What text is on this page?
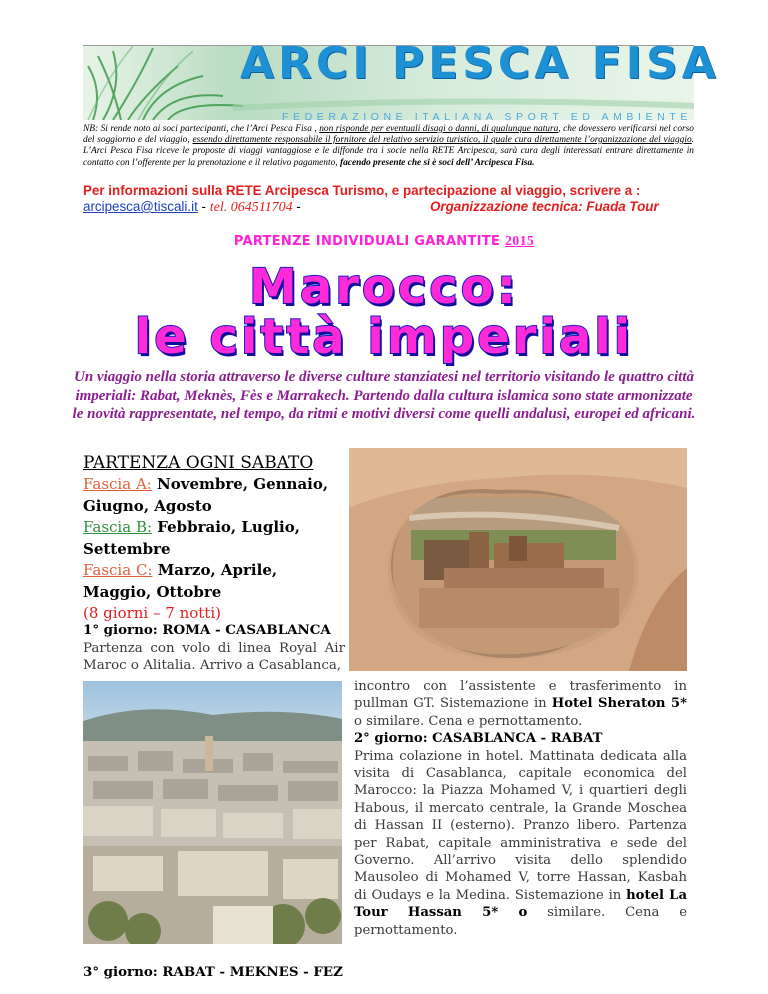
ARCI PESCA FISA
FEDERAZIONE ITALIANA SPORT ED AMBIENTE
NB: Si rende noto ai soci partecipanti, che l’Arci Pesca Fisa , non risponde per eventuali disagi o danni, di qualunque natura, che dovessero verificarsi nel corso del soggiorno e del viaggio, essendo direttamente responsabile il fornitore del relativo servizio turistico, il quale cura direttamente l’organizzazione del viaggio. L’Arci Pesca Fisa riceve le proposte di viaggi vantaggiose e le diffonde tra i socie nella RETE Arcipesca, sarà cura degli interessati entrare direttamente in contatto con l’offerente per la prenotazione e il relativo pagamento, facendo presente che si è soci dell’ Arcipesca Fisa.
Per informazioni sulla RETE Arcipesca Turismo, e partecipazione al viaggio, scrivere a :
arcipesca@tiscali.it - tel. 064511704 -	Organizzazione tecnica: Fuada Tour
PARTENZE INDIVIDUALI GARANTITE 2015
Marocco:
le città imperiali
Un viaggio nella storia attraverso le diverse culture stanziatesi nel territorio visitando le quattro città imperiali: Rabat, Meknès, Fès e Marrakech. Partendo dalla cultura islamica sono state armonizzate le novità rappresentate, nel tempo, da ritmi e motivi diversi come quelli andalusi, europei ed africani.

PARTENZA OGNI SABATO

Fascia A: Novembre, Gennaio, Giugno, Agosto
Fascia B: Febbraio, Luglio, Settembre
Fascia C: Marzo, Aprile, Maggio, Ottobre
(8 giorni – 7 notti)
1° giorno: ROMA - CASABLANCA
Partenza con volo di linea Royal Air Maroc o Alitalia. Arrivo a Casablanca,
incontro con l’assistente e trasferimento in pullman GT. Sistemazione in Hotel Sheraton 5* o similare. Cena e pernottamento.
2° giorno: CASABLANCA - RABAT
Prima colazione in hotel. Mattinata dedicata alla visita di Casablanca, capitale economica del Marocco: la Piazza Mohamed V, i quartieri degli Habous, il mercato centrale, la Grande Moschea di Hassan II (esterno). Pranzo libero. Partenza per Rabat, capitale amministrativa e sede del Governo. All’arrivo visita dello splendido Mausoleo di Mohamed V, torre Hassan, Kasbah di Oudays e la Medina. Sistemazione in hotel La Tour Hassan 5* o similare. Cena e pernottamento.
3° giorno: RABAT - MEKNES - FEZ
